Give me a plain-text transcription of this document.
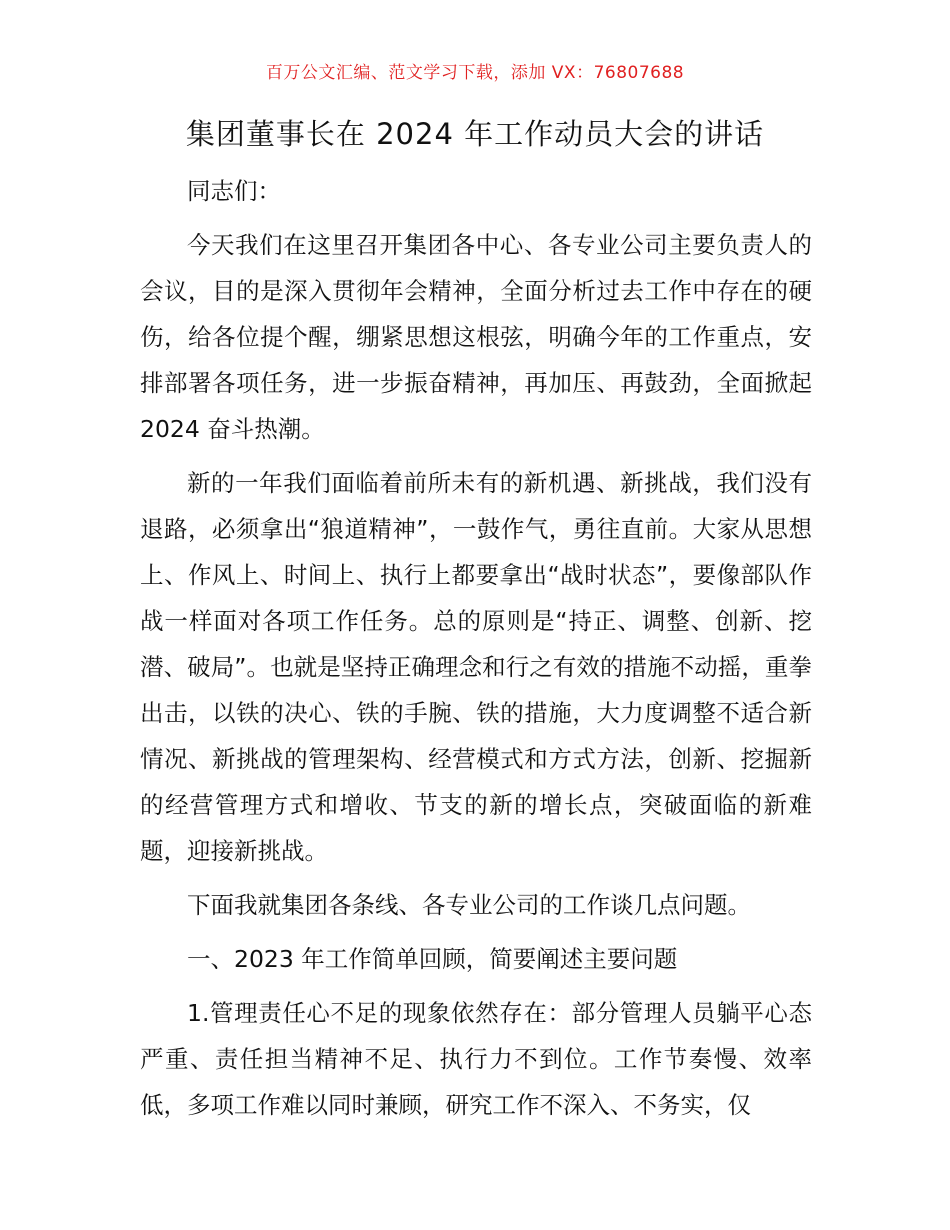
百万公文汇编、范文学习下载，添加 VX：76807688
集团董事长在 2024 年工作动员大会的讲话

同志们：

今天我们在这里召开集团各中心、各专业公司主要负责人的会议，目的是深入贯彻年会精神，全面分析过去工作中存在的硬伤，给各位提个醒，绷紧思想这根弦，明确今年的工作重点，安排部署各项任务，进一步振奋精神，再加压、再鼓劲，全面掀起 2024 奋斗热潮。

新的一年我们面临着前所未有的新机遇、新挑战，我们没有退路，必须拿出“狼道精神”，一鼓作气，勇往直前。大家从思想上、作风上、时间上、执行上都要拿出“战时状态”，要像部队作战一样面对各项工作任务。总的原则是“持正、调整、创新、挖潜、破局”。也就是坚持正确理念和行之有效的措施不动摇，重拳出击，以铁的决心、铁的手腕、铁的措施，大力度调整不适合新情况、新挑战的管理架构、经营模式和方式方法，创新、挖掘新的经营管理方式和增收、节支的新的增长点，突破面临的新难题，迎接新挑战。

下面我就集团各条线、各专业公司的工作谈几点问题。

一、2023 年工作简单回顾，简要阐述主要问题

1.管理责任心不足的现象依然存在：部分管理人员躺平心态严重、责任担当精神不足、执行力不到位。工作节奏慢、效率低，多项工作难以同时兼顾，研究工作不深入、不务实，仅
